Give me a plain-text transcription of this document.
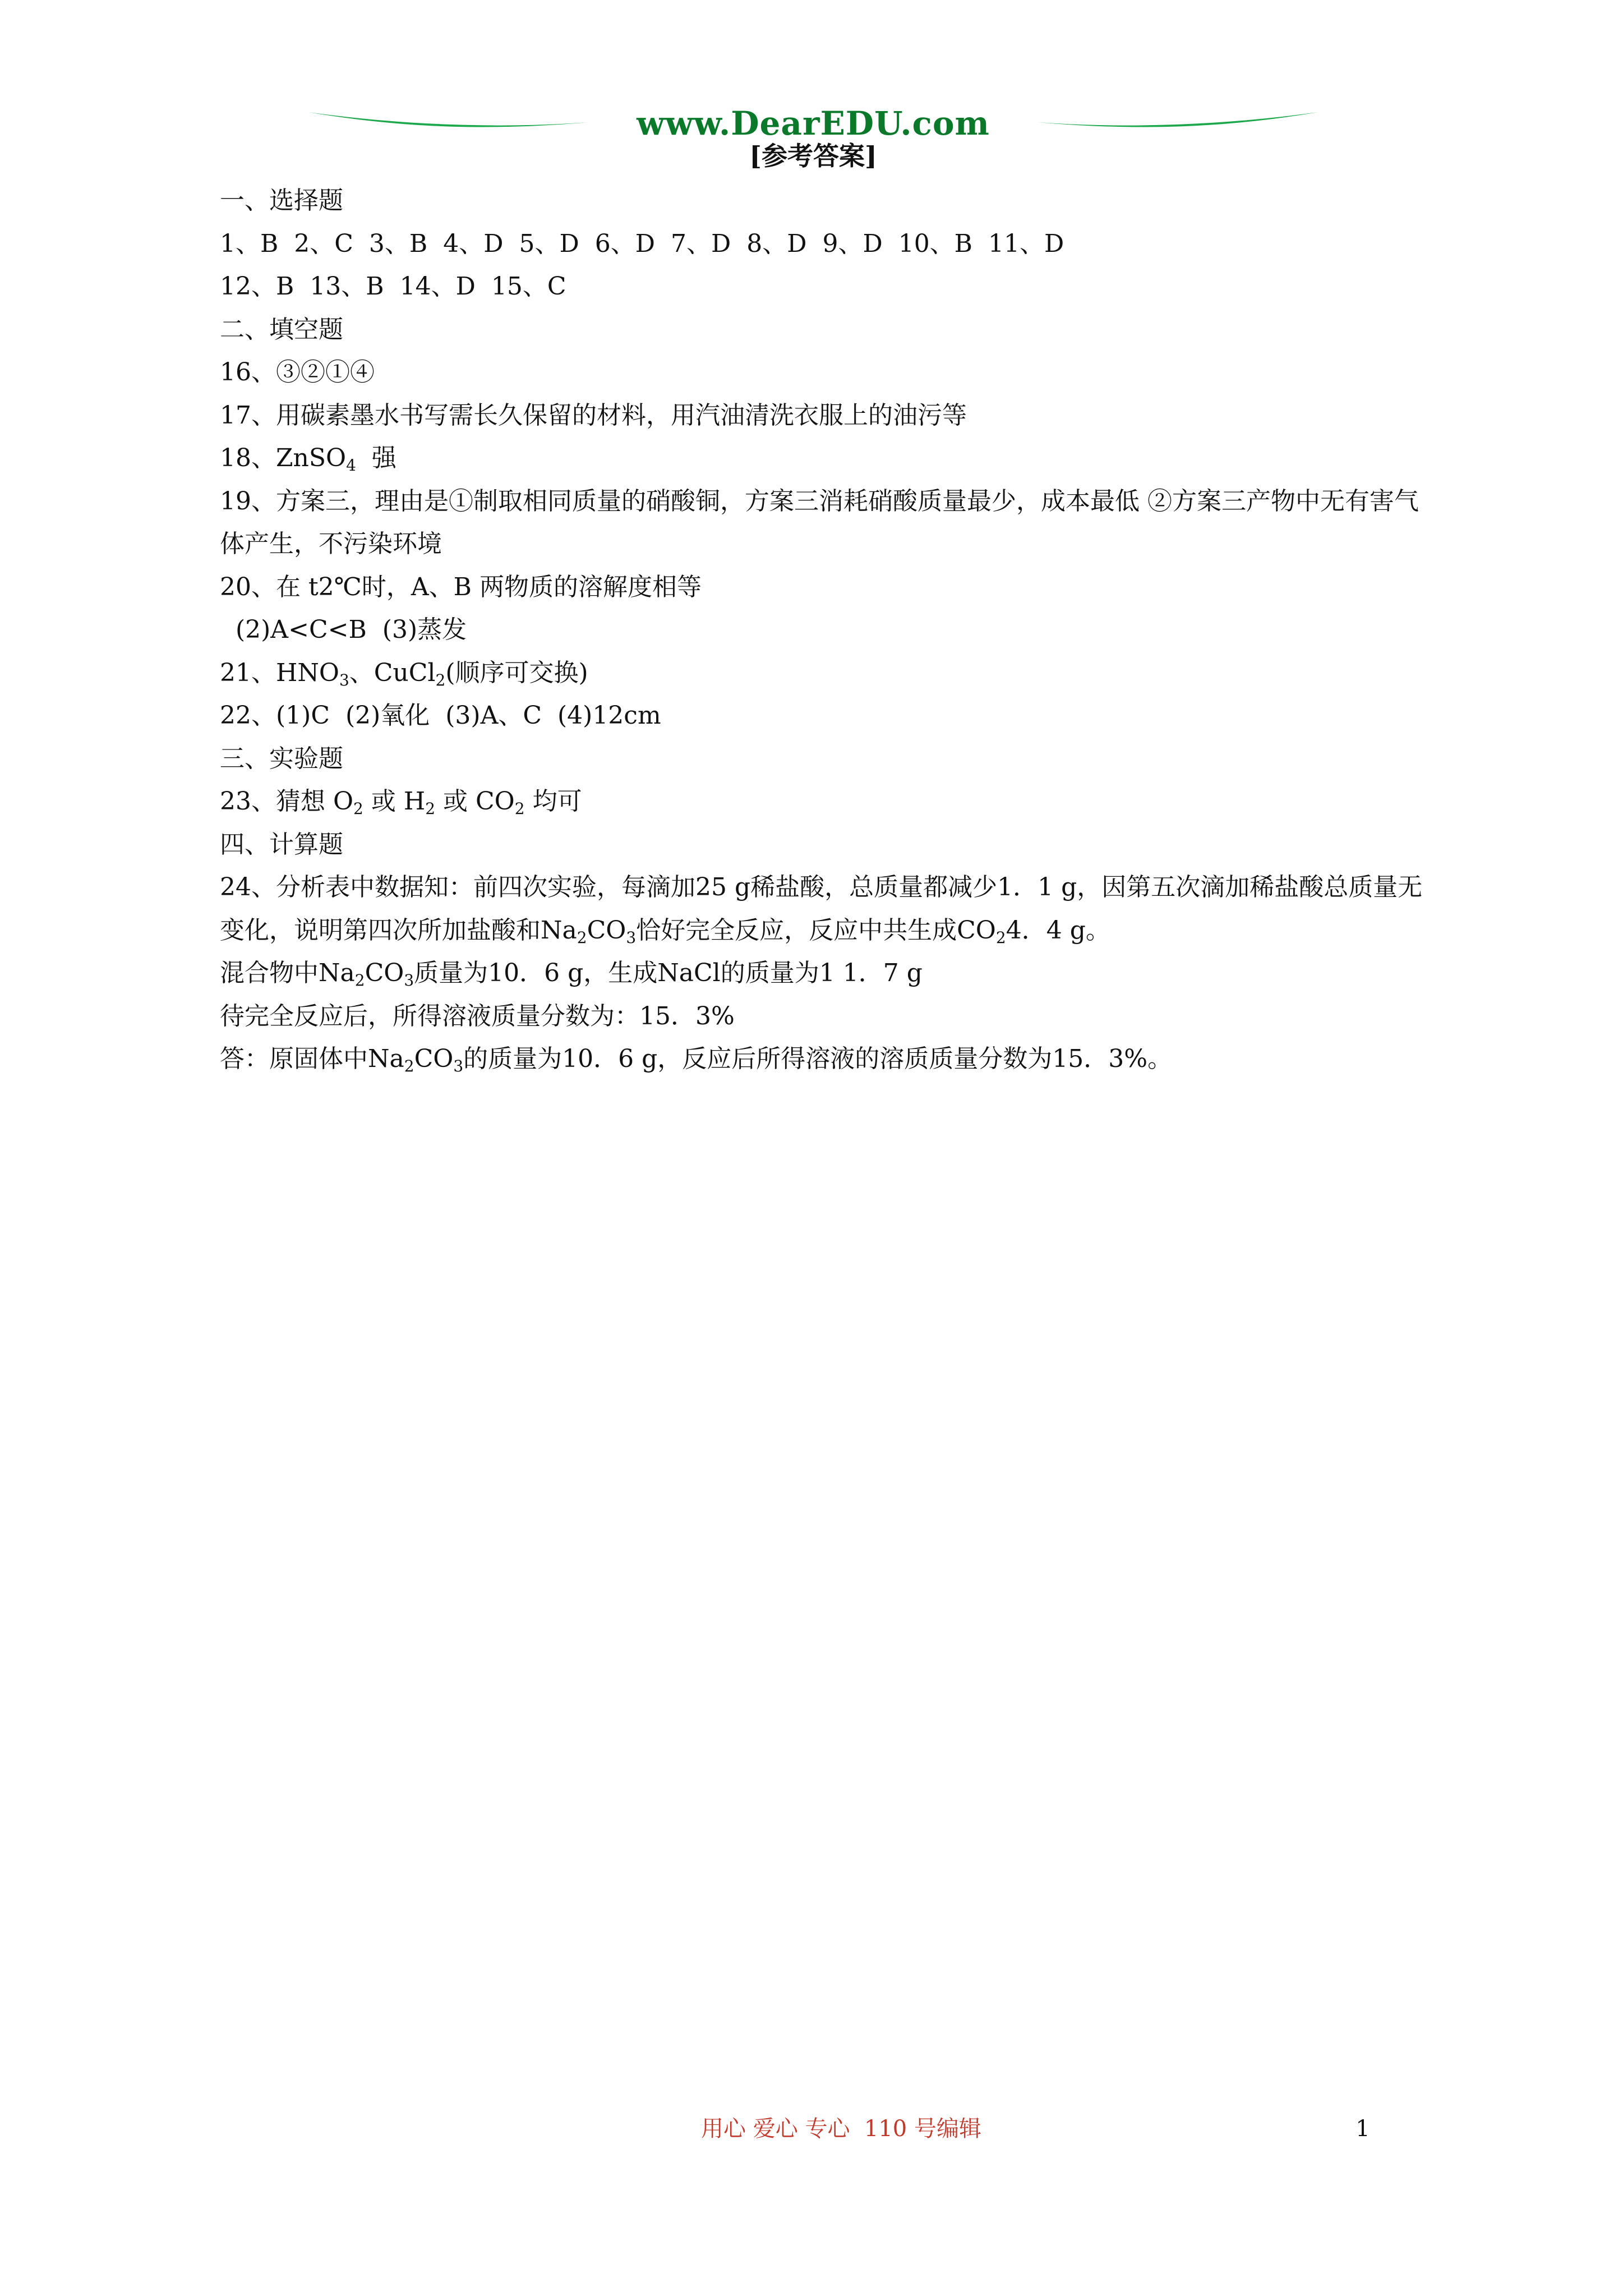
www.DearEDU.com
[参考答案]
一、选择题
1、B  2、C  3、B  4、D  5、D  6、D  7、D  8、D  9、D  10、B  11、D
12、B  13、B  14、D  15、C
二、填空题
16、③②①④
17、用碳素墨水书写需长久保留的材料，用汽油清洗衣服上的油污等
18、ZnSO$_4$  强
19、方案三，理由是①制取相同质量的硝酸铜，方案三消耗硝酸质量最少，成本最低 ②方案三产物中无有害气体产生，不污染环境
20、在 t2℃时，A、B 两物质的溶解度相等
(2)A<C<B  (3)蒸发
21、$HNO_3$、CuCl$_2$(顺序可交换)
22、(1)C  (2)氧化  (3)A、C  (4)12cm
三、实验题
23、猜想 $O_2$ 或 $H_2$ 或 $CO_2$ 均可
四、计算题
24、分析表中数据知：前四次实验，每滴加25 g稀盐酸，总质量都减少1．1 g，因第五次滴加稀盐酸总质量无变化，说明第四次所加盐酸和$Na_2CO_3$恰好完全反应，反应中共生成$CO_24$．4 g。
混合物中$Na_2CO_3$质量为10．6 g，生成NaCl的质量为1 1．7 g
待完全反应后，所得溶液质量分数为：15．3%
答：原固体中$Na_2CO_3$的质量为10．6 g，反应后所得溶液的溶质质量分数为15．3%。
用心 爱心 专心  110 号编辑	1
